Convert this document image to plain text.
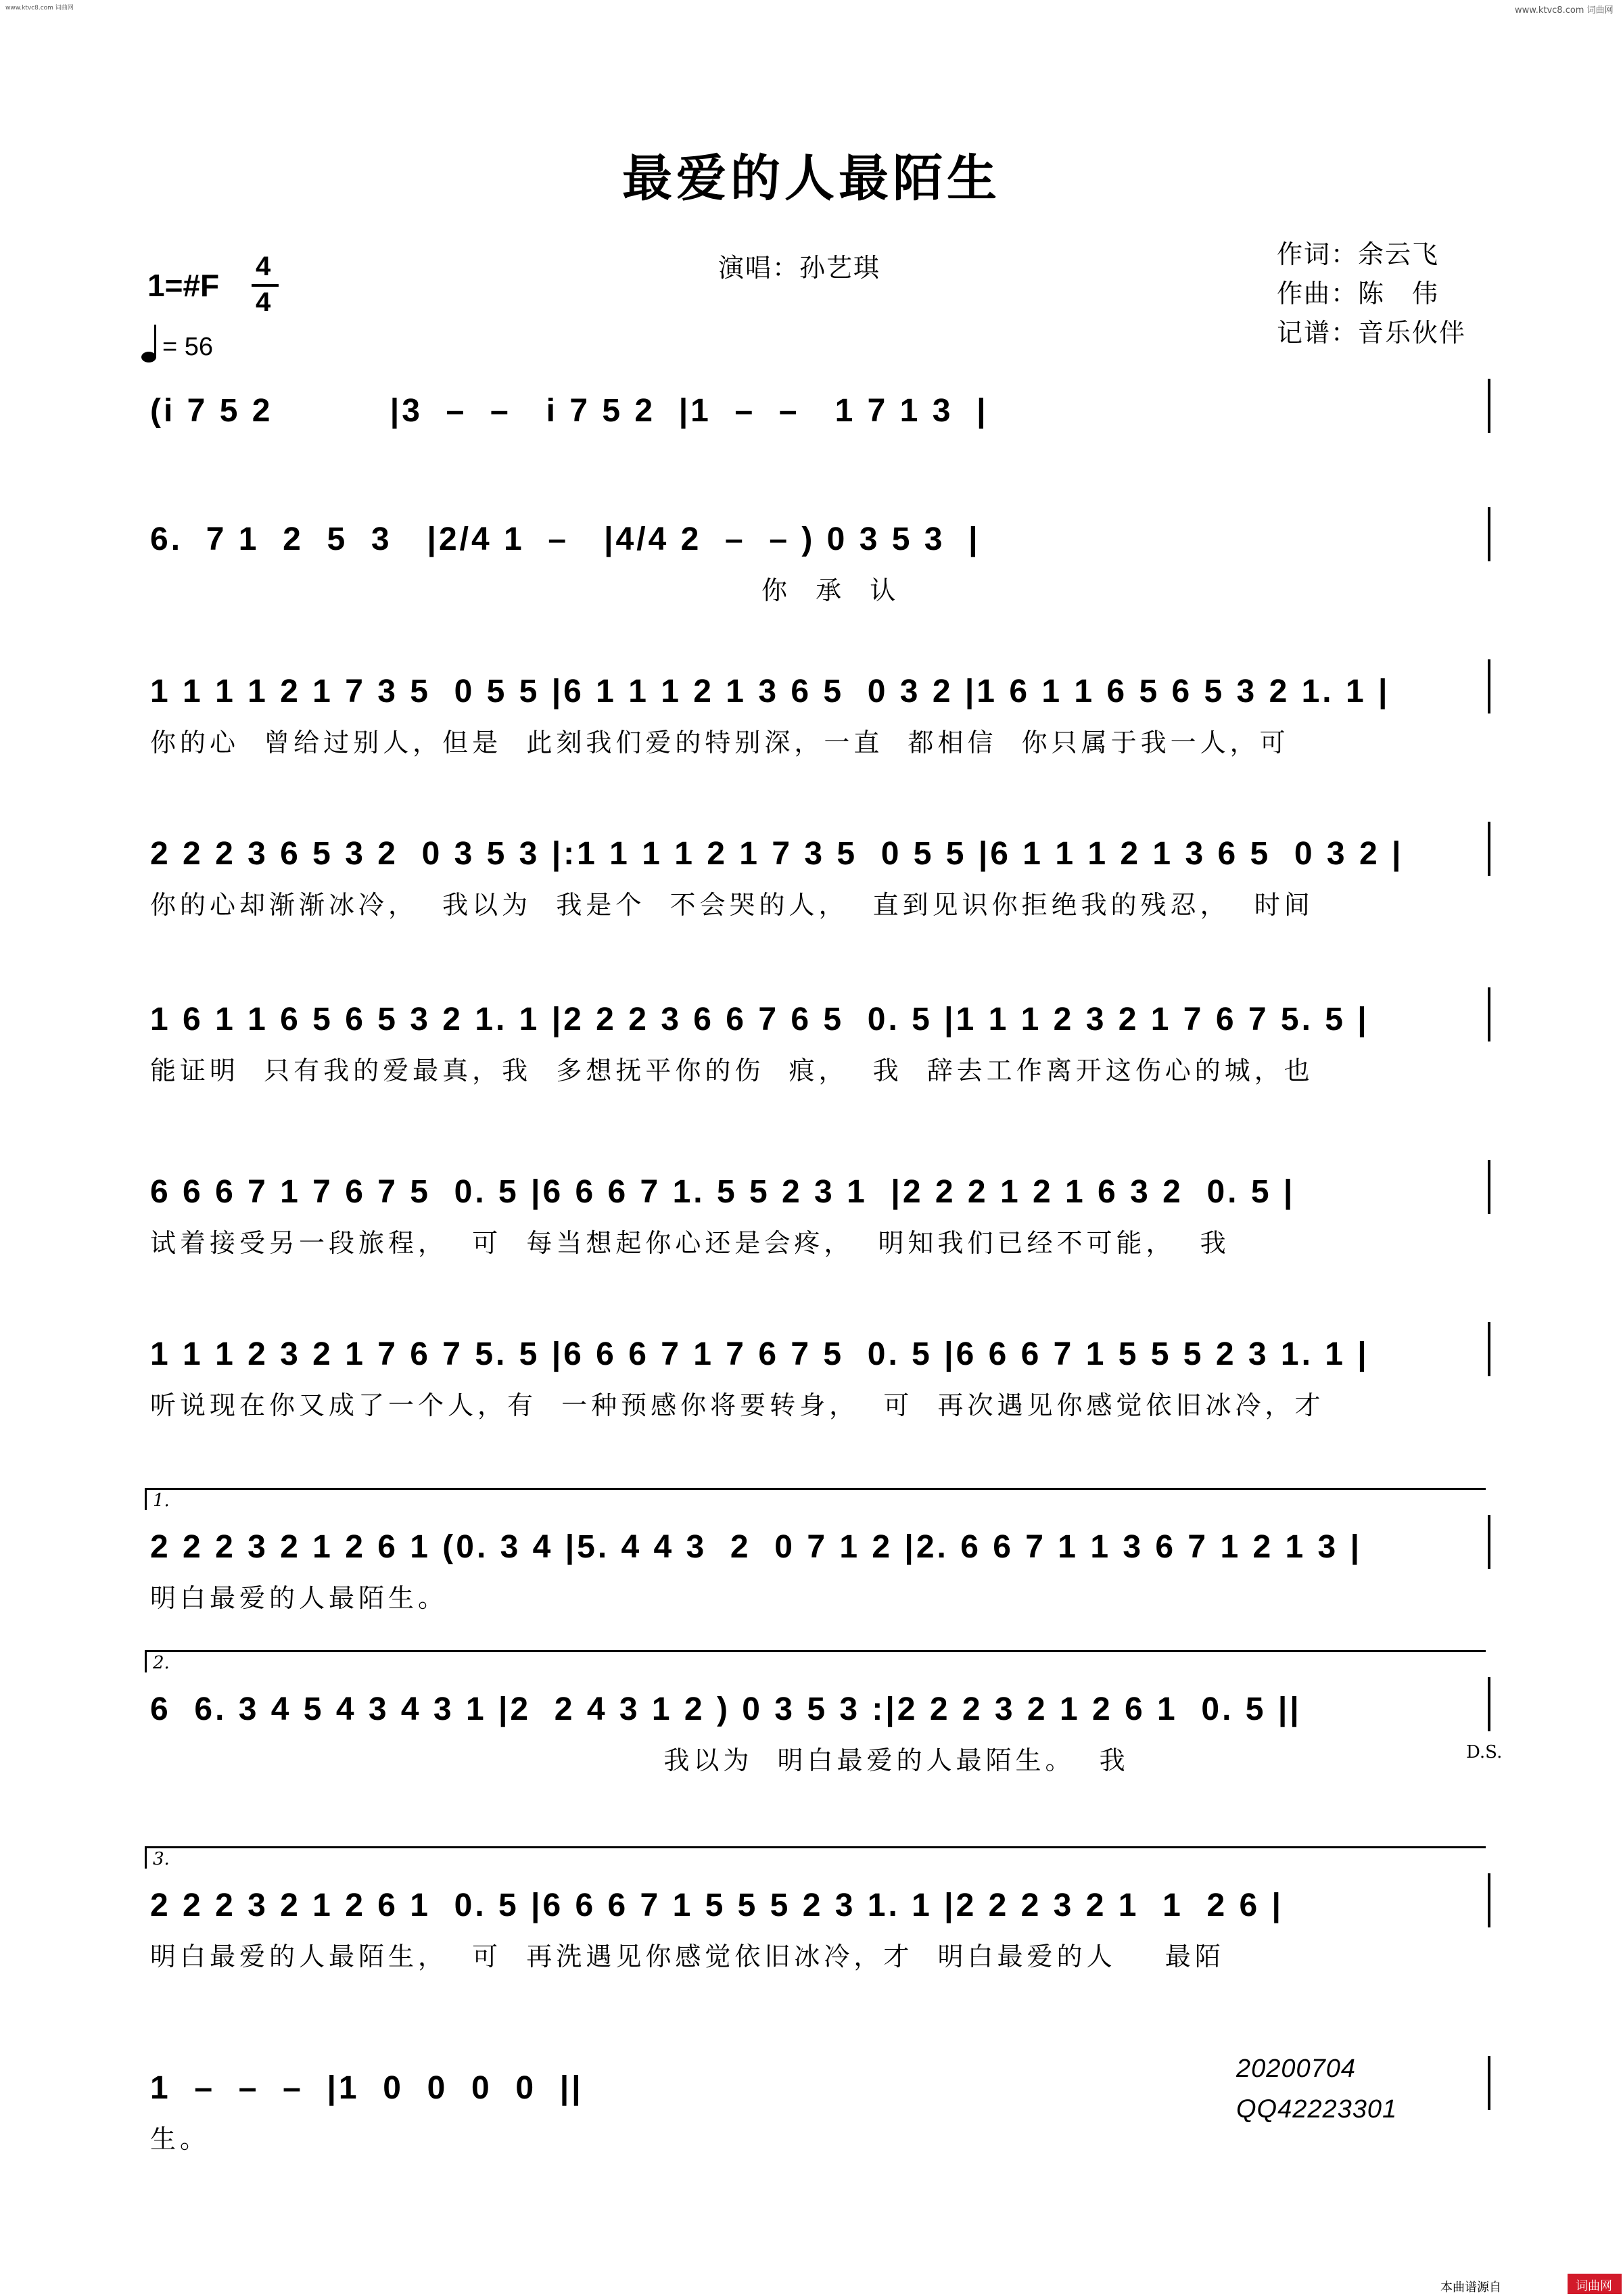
www.ktvc8.com 词曲网	www.ktvc8.com 词曲网
最爱的人最陌生
演唱：孙艺琪	作词：余云飞
作曲：陈　伟
记谱：音乐伙伴
1=#F
4
4
= 56
(i 7 5 2          |3  –  –   i 7 5 2  |1  –  –   1 7 1 3  |
6.  7 1  2  5  3   |2/4 1  –   |4/4 2  –  – ) 0 3 5 3  |
你  承  认
1 1 1 1 2 1 7 3 5  0 5 5 |6 1 1 1 2 1 3 6 5  0 3 2 |1 6 1 1 6 5 6 5 3 2 1. 1 |
你的心  曾给过别人，但是  此刻我们爱的特别深，一直  都相信  你只属于我一人，可
2 2 2 3 6 5 3 2  0 3 5 3 |:1 1 1 1 2 1 7 3 5  0 5 5 |6 1 1 1 2 1 3 6 5  0 3 2 |
你的心却渐渐冰冷，  我以为  我是个  不会哭的人，  直到见识你拒绝我的残忍，  时间
1 6 1 1 6 5 6 5 3 2 1. 1 |2 2 2 3 6 6 7 6 5  0. 5 |1 1 1 2 3 2 1 7 6 7 5. 5 |
能证明  只有我的爱最真，我  多想抚平你的伤  痕，  我  辞去工作离开这伤心的城，也
6 6 6 7 1 7 6 7 5  0. 5 |6 6 6 7 1. 5 5 2 3 1  |2 2 2 1 2 1 6 3 2  0. 5 |
试着接受另一段旅程，  可  每当想起你心还是会疼，  明知我们已经不可能，  我
1 1 1 2 3 2 1 7 6 7 5. 5 |6 6 6 7 1 7 6 7 5  0. 5 |6 6 6 7 1 5 5 5 2 3 1. 1 |
听说现在你又成了一个人，有  一种预感你将要转身，  可  再次遇见你感觉依旧冰冷，才
2 2 2 3 2 1 2 6 1 (0. 3 4 |5. 4 4 3  2  0 7 1 2 |2. 6 6 7 1 1 3 6 7 1 2 1 3 |
明白最爱的人最陌生。
1.
6  6. 3 4 5 4 3 4 3 1 |2  2 4 3 1 2 ) 0 3 5 3 :|2 2 2 3 2 1 2 6 1  0. 5 ||
我以为  明白最爱的人最陌生。  我
2.
D.S.
2 2 2 3 2 1 2 6 1  0. 5 |6 6 6 7 1 5 5 5 2 3 1. 1 |2 2 2 3 2 1  1  2 6 |
明白最爱的人最陌生，  可  再洗遇见你感觉依旧冰冷，才  明白最爱的人    最陌
3.
1  –  –  –  |1  0  0  0  0  ||
生。
20200704
QQ42223301
本曲谱源自	词曲网
